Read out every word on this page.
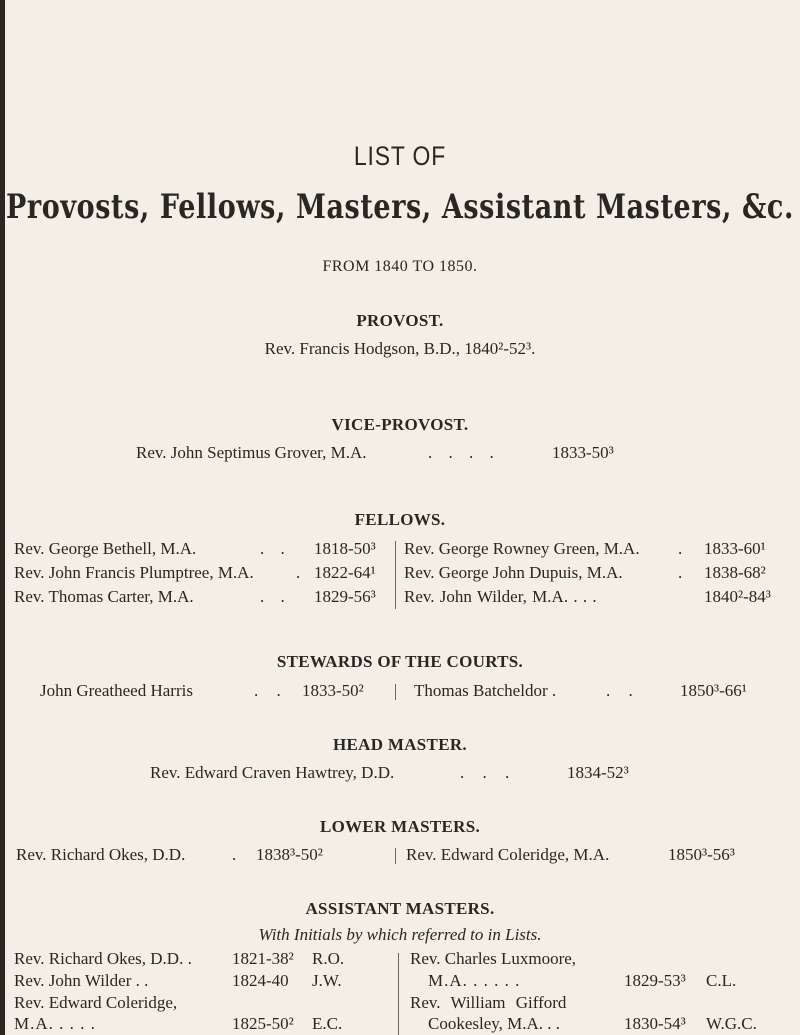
LIST OF
Provosts, Fellows, Masters, Assistant Masters, &c.
FROM 1840 TO 1850.
PROVOST.
Rev. Francis Hodgson, B.D., 1840²-52³.
VICE-PROVOST.
Rev. John Septimus Grover, M.A.	. . . .	1833-50³
FELLOWS.
Rev. George Bethell, M.A.	. . 1818-50³
Rev. John Francis Plumptree, M.A. . 1822-64¹
Rev. Thomas Carter, M.A.	. . 1829-56³
Rev. George Rowney Green, M.A. . 1833-60¹
Rev. George John Dupuis, M.A.	. 1838-68²
Rev. John Wilder, M.A. . . .	1840²-84³
STEWARDS OF THE COURTS.
John Greatheed Harris	. . 1833-50²	Thomas Batcheldor .	. . 1850³-66¹
HEAD MASTER.
Rev. Edward Craven Hawtrey, D.D.	. . .	1834-52³
LOWER MASTERS.
Rev. Richard Okes, D.D.	. 1838³-50²	Rev. Edward Coleridge, M.A.	1850³-56³
ASSISTANT MASTERS.
With Initials by which referred to in Lists.
Rev. Richard Okes, D.D. . 1821-38² R.O.
Rev. John Wilder . .	1824-40 J.W.
Rev. Edward Coleridge,
M.A. . . . .	1825-50² E.C.
Rev. Charles Luxmoore,
M.A. . . . . .	1829-53³ C.L.
Rev. William Gifford
Cookesley, M.A. . .	1830-54³ W.G.C.
